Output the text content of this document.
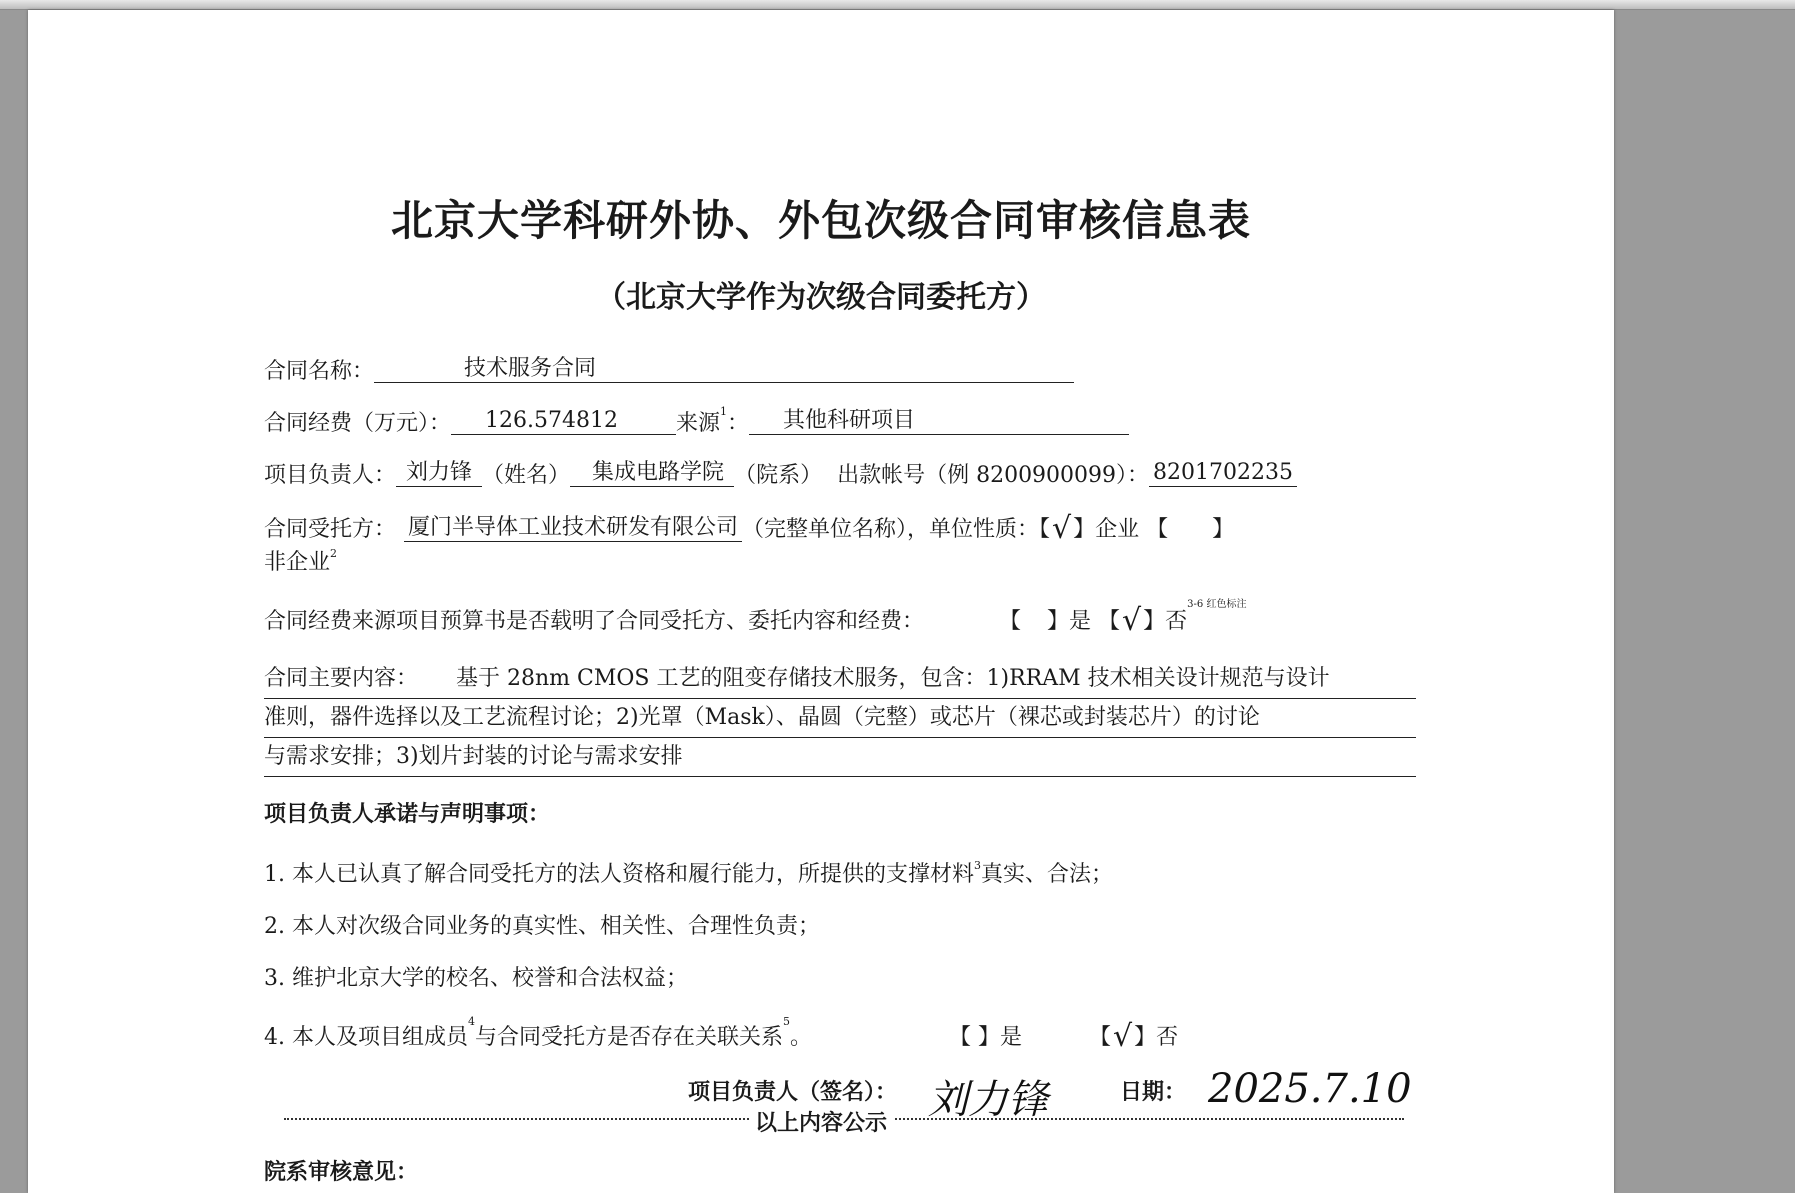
北京大学科研外协、外包次级合同审核信息表
（北京大学作为次级合同委托方）
合同名称：	技术服务合同
合同经费（万元）： 126.574812	来源$^1$： 其他科研项目
项目负责人： 刘力锋 （姓名） 集成电路学院 （院系） 出款帐号（例 8200900099）： 8201702235
合同受托方： 厦门半导体工业技术研发有限公司 （完整单位名称），单位性质：【√】企业 【 】
非企业$^2$
合同经费来源项目预算书是否载明了合同受托方、委托内容和经费：	【 】是 【√】否$^{3-6 红色标注}$
合同主要内容： 基于 28nm CMOS 工艺的阻变存储技术服务，包含：1)RRAM 技术相关设计规范与设计
准则，器件选择以及工艺流程讨论；2)光罩（Mask）、晶圆（完整）或芯片（裸芯或封装芯片）的讨论
与需求安排；3)划片封装的讨论与需求安排
项目负责人承诺与声明事项：
1. 本人已认真了解合同受托方的法人资格和履行能力，所提供的支撑材料$^3$真实、合法；
2. 本人对次级合同业务的真实性、相关性、合理性负责；
3. 维护北京大学的校名、校誉和合法权益；
4. 本人及项目组成员$^4$与合同受托方是否存在关联关系$^5$。	【 】是	【√】否
项目负责人（签名）： 刘力锋	日期： 2025.7.10
以上内容公示
院系审核意见：
